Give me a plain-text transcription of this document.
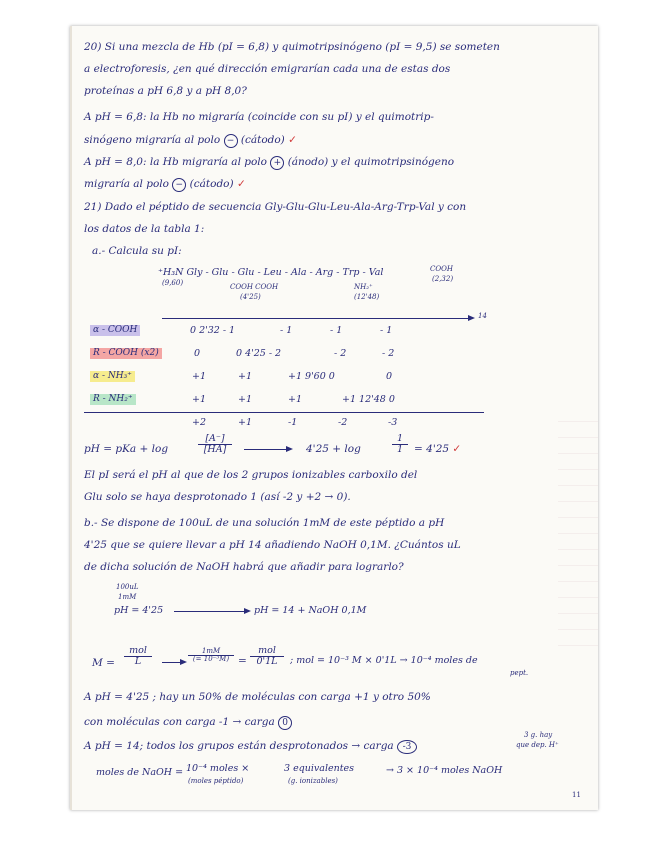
20) Si una mezcla de Hb (pI = 6,8) y quimotripsinógeno (pI = 9,5) se someten
a electroforesis, ¿en qué dirección emigrarían cada una de estas dos
proteínas a pH 6,8 y a pH 8,0?
A pH = 6,8: la Hb no migraría (coincide con su pI) y el quimotrip-
sinógeno migraría al polo − (cátodo) ✓
A pH = 8,0: la Hb migraría al polo + (ánodo) y el quimotripsinógeno
migraría al polo − (cátodo) ✓
21) Dado el péptido de secuencia Gly-Glu-Glu-Leu-Ala-Arg-Trp-Val y con
los datos de la tabla 1:
a.- Calcula su pI:
⁺H₃N Gly - Glu - Glu - Leu - Ala - Arg - Trp - Val
(9,60)
COOH
(2,32)
COOH COOH
(4'25)
NH₂⁺
(12'48)
14
α - COOH	0 2'32 - 1	- 1	- 1	- 1
R - COOH (x2)	0	0 4'25 - 2	- 2	- 2
α - NH₃⁺	+1	+1	+1 9'60 0	0
R - NH₂⁺	+1	+1	+1	+1 12'48 0
+2	+1	-1	-2	-3
pH = pKa + log	$\frac{[A^-]}{[HA]}$	4'25 + log	$\frac{1}{1} = 4'25$ ✓
El pI será el pH al que de los 2 grupos ionizables carboxilo del
Glu solo se haya desprotonado 1 (así -2 y +2 → 0).
b.- Se dispone de 100uL de una solución 1mM de este péptido a pH
4'25 que se quiere llevar a pH 14 añadiendo NaOH 0,1M. ¿Cuántos uL
de dicha solución de NaOH habrá que añadir para lograrlo?
100uL
1mM
pH = 4'25	pH = 14 + NaOH 0,1M
M =
mol
L	$\frac{1mM}{\text{(= 10⁻³M)}}$ =
mol
0'1L	; mol = 10⁻³ M × 0'1L → 10⁻⁴ moles de
pept.
A pH = 4'25 ; hay un 50% de moléculas con carga +1 y otro 50%
con moléculas con carga -1 → carga 0
A pH = 14; todos los grupos están desprotonados → carga -3
3 g. hay
que dep. H⁺
moles de NaOH = 10⁻⁴ moles ×
(moles péptido)
3 equivalentes
(g. ionizables)
→ 3 × 10⁻⁴ moles NaOH
11
